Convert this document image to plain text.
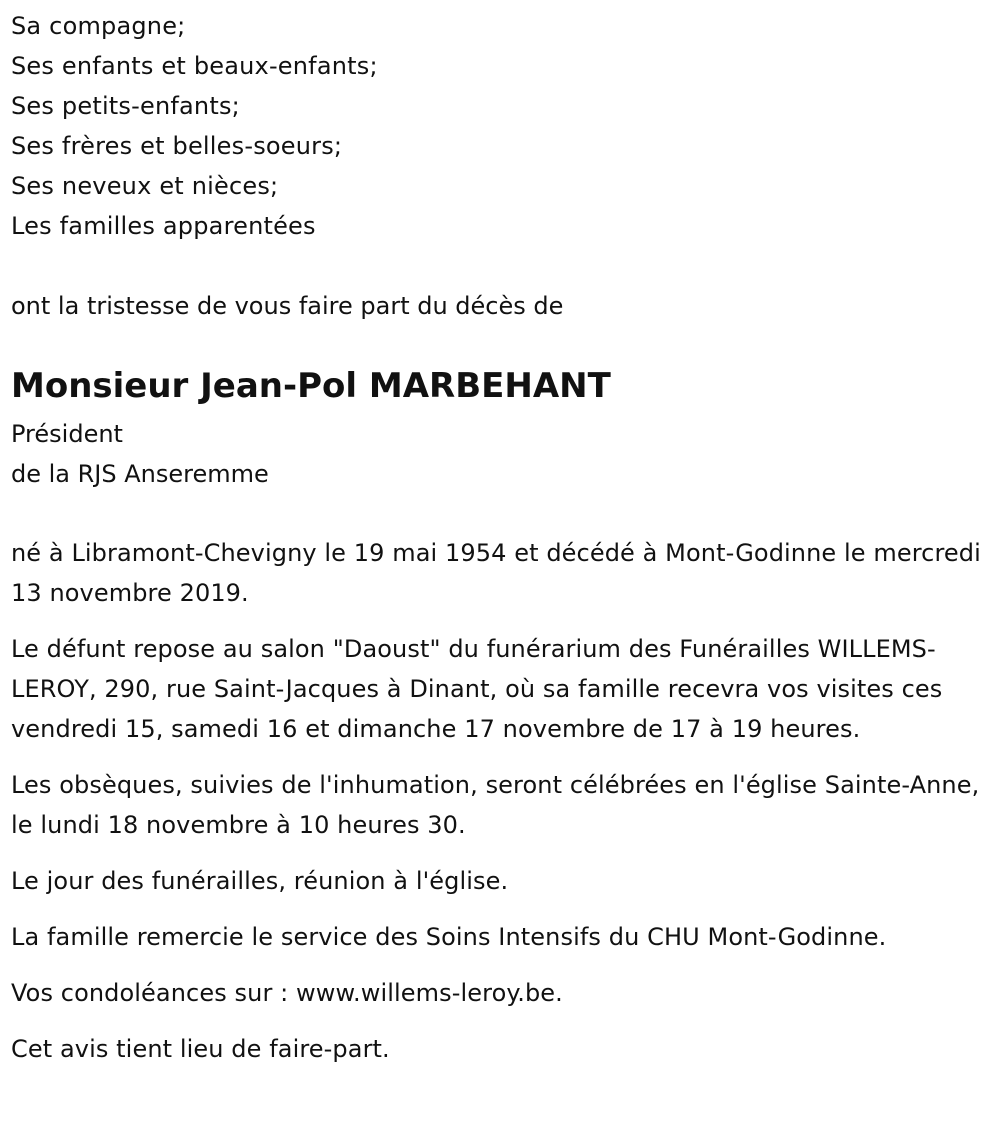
Sa compagne;
Ses enfants et beaux-enfants;
Ses petits-enfants;
Ses frères et belles-soeurs;
Ses neveux et nièces;
Les familles apparentées
ont la tristesse de vous faire part du décès de
Monsieur Jean-Pol MARBEHANT
Président
de la RJS Anseremme

né à Libramont-Chevigny le 19 mai 1954 et décédé à Mont-Godinne le mercredi 13 novembre 2019.

Le défunt repose au salon "Daoust" du funérarium des Funérailles WILLEMS-LEROY, 290, rue Saint-Jacques à Dinant, où sa famille recevra vos visites ces vendredi 15, samedi 16 et dimanche 17 novembre de 17 à 19 heures.

Les obsèques, suivies de l'inhumation, seront célébrées en l'église Sainte-Anne, le lundi 18 novembre à 10 heures 30.

Le jour des funérailles, réunion à l'église.

La famille remercie le service des Soins Intensifs du CHU Mont-Godinne.

Vos condoléances sur : www.willems-leroy.be.

Cet avis tient lieu de faire-part.
